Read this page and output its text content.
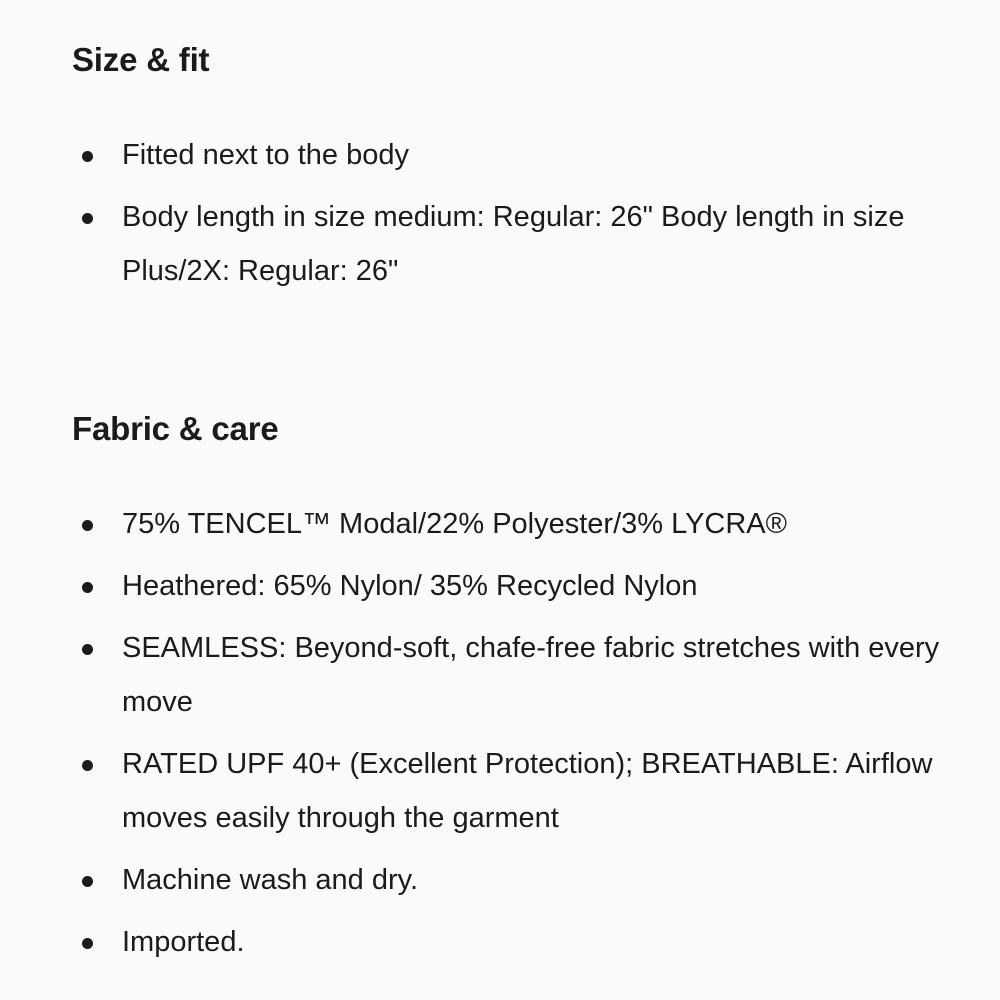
Size & fit
Fitted next to the body
Body length in size medium: Regular: 26" Body length in size Plus/2X: Regular: 26"
Fabric & care
75% TENCEL™ Modal/22% Polyester/3% LYCRA®
Heathered: 65% Nylon/ 35% Recycled Nylon
SEAMLESS: Beyond-soft, chafe-free fabric stretches with every move
RATED UPF 40+ (Excellent Protection); BREATHABLE: Airflow moves easily through the garment
Machine wash and dry.
Imported.
